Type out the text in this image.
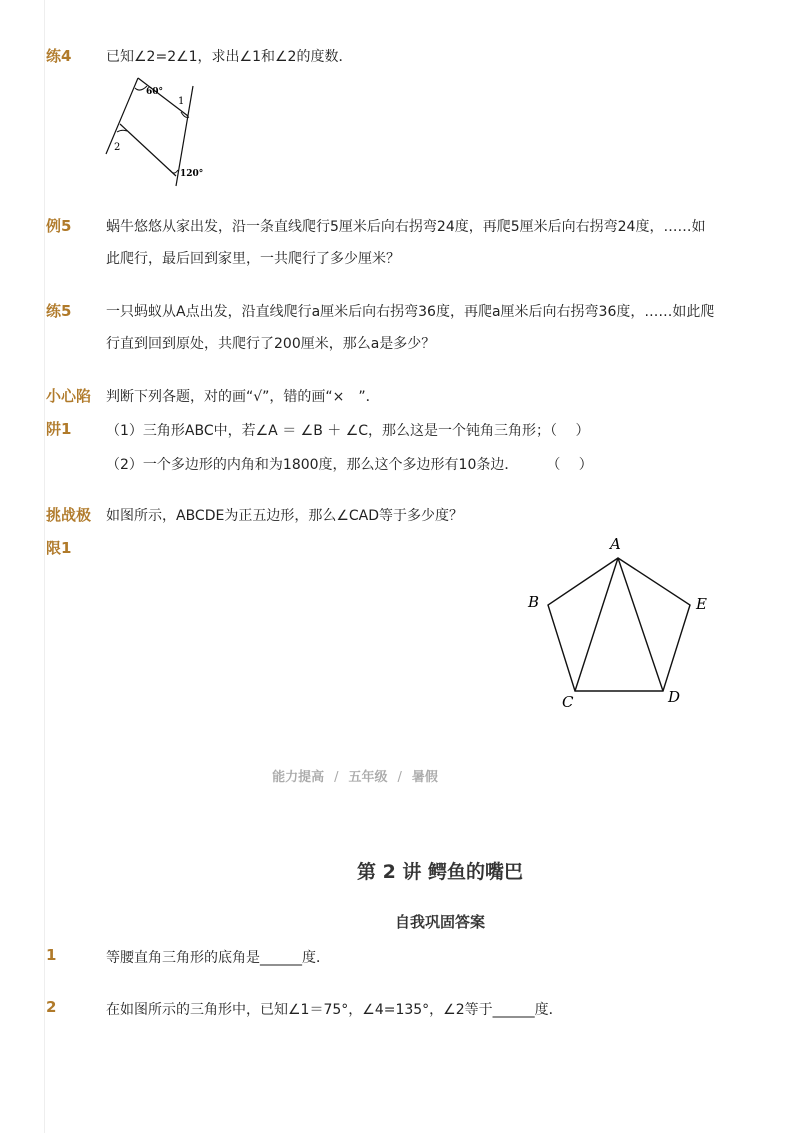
练4 已知∠2=2∠1，求出∠1和∠2的度数．
60°
1
2
120°
例5 蜗牛悠悠从家出发，沿一条直线爬行5厘米后向右拐弯24度，再爬5厘米后向右拐弯24度，……如
此爬行，最后回到家里，一共爬行了多少厘米？
练5 一只蚂蚁从A点出发，沿直线爬行a厘米后向右拐弯36度，再爬a厘米后向右拐弯36度，……如此爬
行直到回到原处，共爬行了200厘米，那么a是多少？
小心陷
阱1
判断下列各题，对的画“√”，错的画“×　”．
（1）三角形ABC中，若∠A ＝ ∠B ＋ ∠C，那么这是一个钝角三角形；（　 ）
（2）一个多边形的内角和为1800度，那么这个多边形有10条边．　　　（　 ）
挑战极
限1
如图所示，ABCDE为正五边形，那么∠CAD等于多少度？
A
B
C	D
E
能力提高 / 五年级 / 暑假
第 2 讲 鳄鱼的嘴巴
自我巩固答案
1	等腰直角三角形的底角是______度．
2	在如图所示的三角形中，已知∠1＝75°，∠4=135°，∠2等于______度．
